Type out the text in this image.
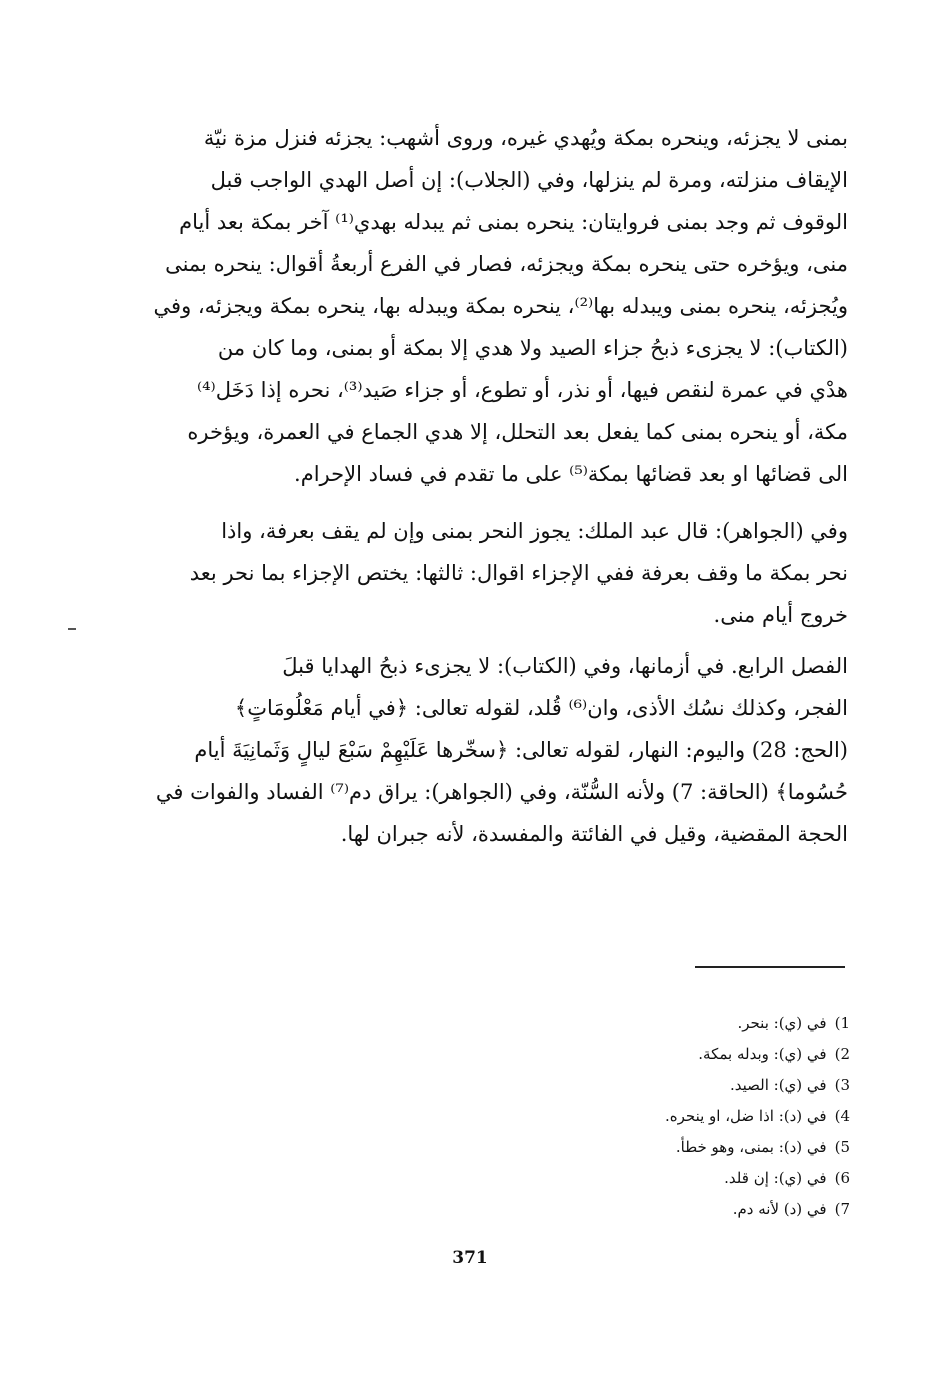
بمنى لا يجزئه، وينحره بمكة ويُهدي غيره، وروى أشهب: يجزئه فنزل مزة نيّة
الإيقاف منزلته، ومرة لم ينزلها، وفي (الجلاب): إن أصل الهدي الواجب قبل
الوقوف ثم وجد بمنى فروايتان: ينحره بمنى ثم يبدله بهدي⁽¹⁾ آخر بمكة بعد أيام
منى، ويؤخره حتى ينحره بمكة ويجزئه، فصار في الفرع أربعةُ أقوال: ينحره بمنى
ويُجزئه، ينحره بمنى ويبدله بها⁽²⁾، ينحره بمكة ويبدله بها، ينحره بمكة ويجزئه، وفي
(الكتاب): لا يجزىء ذبحُ جزاء الصيد ولا هدي إلا بمكة أو بمنى، وما كان من
هدْي في عمرة لنقص فيها، أو نذر، أو تطوع، أو جزاء صَيد⁽³⁾، نحره إذا دَخَل⁽⁴⁾
مكة، أو ينحره بمنى كما يفعل بعد التحلل، إلا هدي الجماع في العمرة، ويؤخره
الى قضائها او بعد قضائها بمكة⁽⁵⁾ على ما تقدم في فساد الإحرام.
وفي (الجواهر): قال عبد الملك: يجوز النحر بمنى وإن لم يقف بعرفة، واذا
نحر بمكة ما وقف بعرفة ففي الإجزاء اقوال: ثالثها: يختص الإجزاء بما نحر بعد
خروج أيام منى.
الفصل الرابع. في أزمانها، وفي (الكتاب): لا يجزىء ذبحُ الهدايا قبلَ
الفجر، وكذلك نسُك الأذى، وان⁽⁶⁾ قُلد، لقوله تعالى: ﴿في أيام مَعْلُومَاتٍ﴾
(الحج: 28) واليوم: النهار، لقوله تعالى: ﴿سخّرها عَلَيْهِمْ سَبْعَ ليالٍ وَثَمانِيَةَ أيام
حُسُوما﴾ (الحاقة: 7) ولأنه السُّنّة، وفي (الجواهر): يراق دم⁽⁷⁾ الفساد والفوات في
الحجة المقضية، وقيل في الفائتة والمفسدة، لأنه جبران لها.
1)في (ي): بنحر.
2)في (ي): وبدله بمكة.
3)في (ي): الصيد.
4)في (د): اذا ضل، او ينحره.
5)في (د): بمنى، وهو خطأ.
6)في (ي): إن قلد.
7)في (د) لأنه دم.
371
